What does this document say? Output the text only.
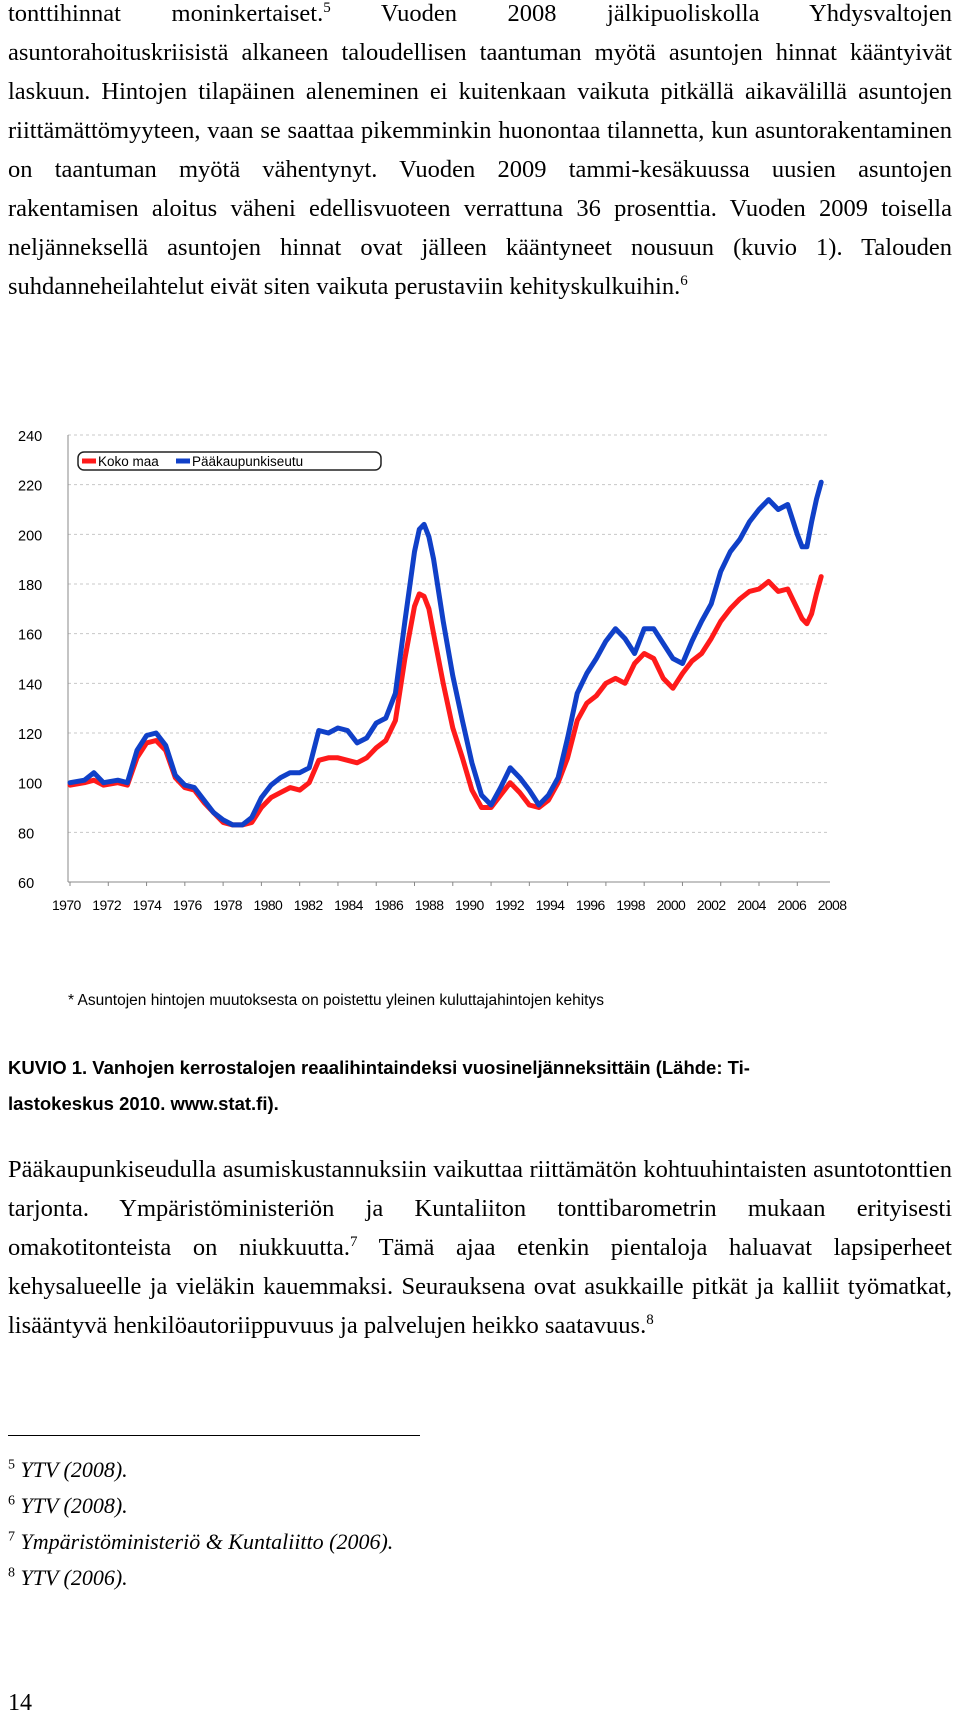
tonttihinnat moninkertaiset.$^5$ Vuoden 2008 jälkipuoliskolla Yhdysvaltojen asuntorahoituskriisistä alkaneen taloudellisen taantuman myötä asuntojen hinnat kääntyivät laskuun. Hintojen tilapäinen aleneminen ei kuitenkaan vaikuta pitkällä aikavälillä asuntojen riittämättömyyteen, vaan se saattaa pikemminkin huonontaa tilannetta, kun asuntorakentaminen on taantuman myötä vähentynyt. Vuoden 2009 tammi-kesäkuussa uusien asuntojen rakentamisen aloitus väheni edellisvuoteen verrattuna 36 prosenttia. Vuoden 2009 toisella neljänneksellä asuntojen hinnat ovat jälleen kääntyneet nousuun (kuvio 1). Talouden suhdanneheilahtelut eivät siten vaikuta perustaviin kehityskulkuihin.$^6$

60
80
100
120
140
160
180
200
220
240
1970 1972 1974 1976 1978 1980 1982 1984 1986 1988 1990 1992 1994 1996 1998 2000 2002 2004 2006 2008
Koko maa Pääkaupunkiseutu
* Asuntojen hintojen muutoksesta on poistettu yleinen kuluttajahintojen kehitys

KUVIO 1. Vanhojen kerrostalojen reaalihintaindeksi vuosineljänneksittäin (Lähde: Ti-
lastokeskus 2010. www.stat.fi).

Pääkaupunkiseudulla asumiskustannuksiin vaikuttaa riittämätön kohtuuhintaisten asuntotonttien tarjonta. Ympäristöministeriön ja Kuntaliiton tonttibarometrin mukaan erityisesti omakotitonteista on niukkuutta.$^7$ Tämä ajaa etenkin pientaloja haluavat lapsiperheet kehysalueelle ja vieläkin kauemmaksi. Seurauksena ovat asukkaille pitkät ja kalliit työmatkat, lisääntyvä henkilöautoriippuvuus ja palvelujen heikko saatavuus.$^8$

$^5$ YTV (2008).
$^6$ YTV (2008).
$^7$ Ympäristöministeriö & Kuntaliitto (2006).
$^8$ YTV (2006).
14
